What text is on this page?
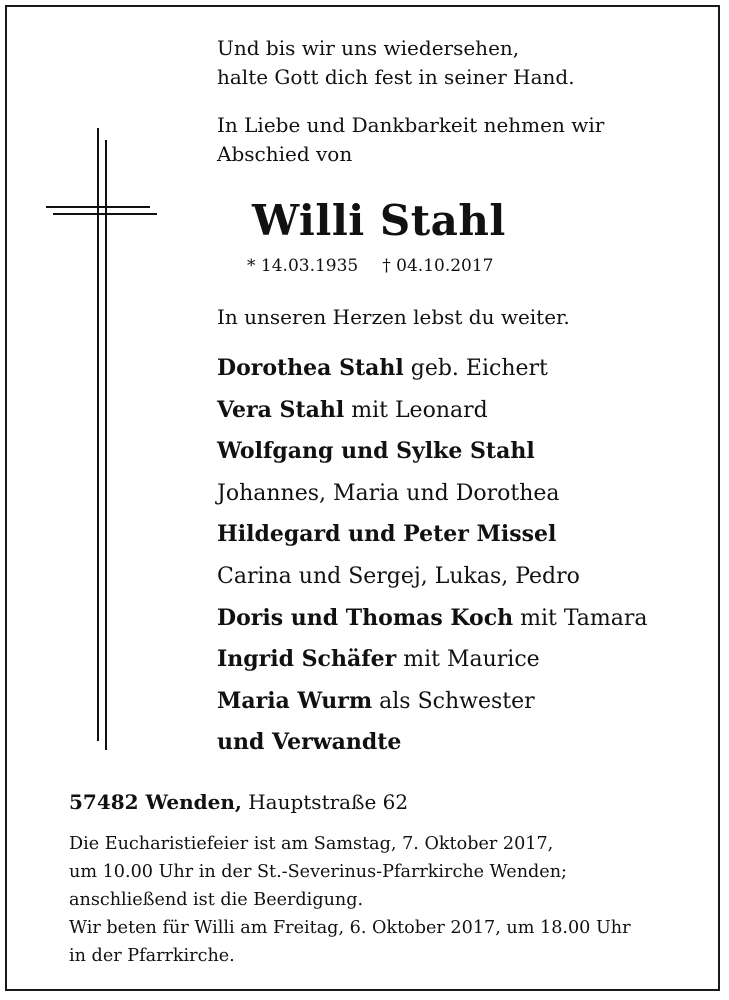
Und bis wir uns wiedersehen,
halte Gott dich fest in seiner Hand.
In Liebe und Dankbarkeit nehmen wir
Abschied von
Willi Stahl
* 14.03.1935 † 04.10.2017
In unseren Herzen lebst du weiter.
Dorothea Stahl geb. Eichert
Vera Stahl mit Leonard
Wolfgang und Sylke Stahl
Johannes, Maria und Dorothea
Hildegard und Peter Missel
Carina und Sergej, Lukas, Pedro
Doris und Thomas Koch mit Tamara
Ingrid Schäfer mit Maurice
Maria Wurm als Schwester
und Verwandte
57482 Wenden, Hauptstraße 62
Die Eucharistiefeier ist am Samstag, 7. Oktober 2017,
um 10.00 Uhr in der St.-Severinus-Pfarrkirche Wenden;
anschließend ist die Beerdigung.
Wir beten für Willi am Freitag, 6. Oktober 2017, um 18.00 Uhr
in der Pfarrkirche.
